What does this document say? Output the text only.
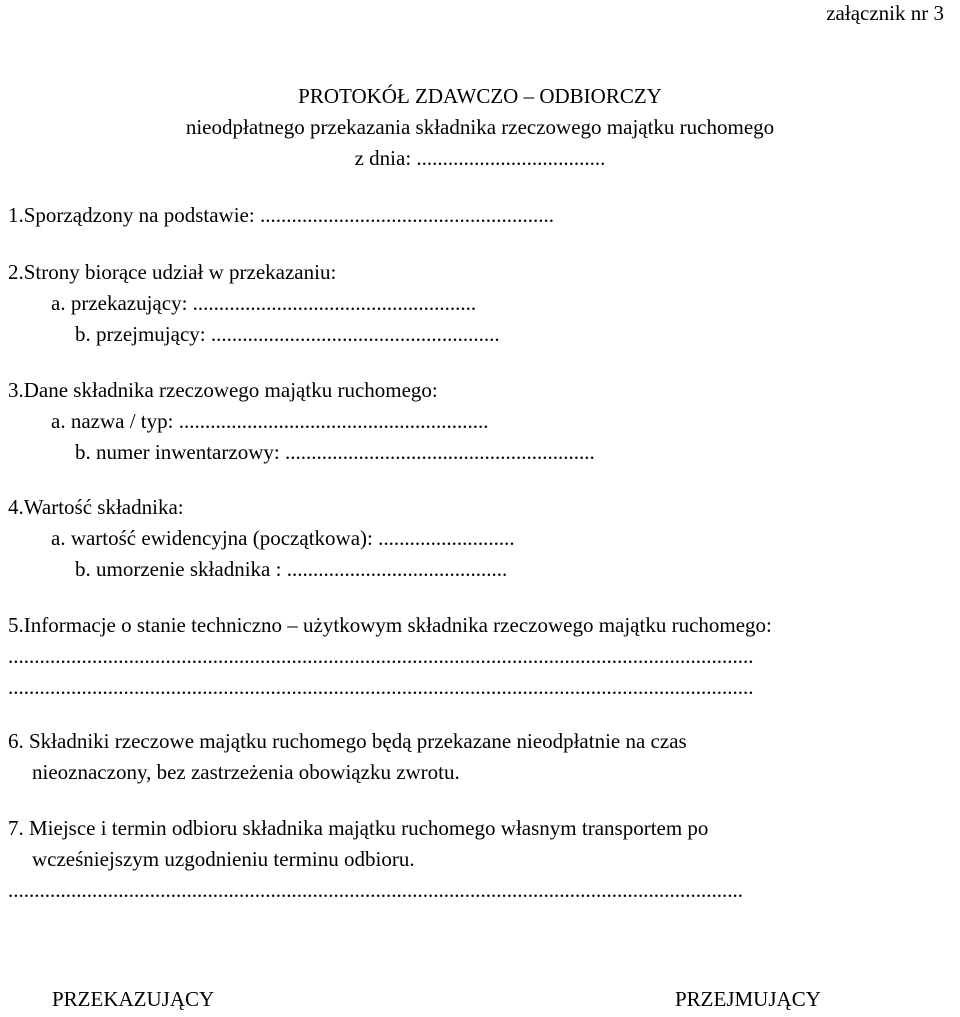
załącznik nr 3
PROTOKÓŁ ZDAWCZO – ODBIORCZY
nieodpłatnego przekazania składnika rzeczowego majątku ruchomego
z dnia: ....................................
1.Sporządzony na podstawie: ........................................................
2.Strony biorące udział w przekazaniu:
a. przekazujący: ......................................................
b. przejmujący: .......................................................
3.Dane składnika rzeczowego majątku ruchomego:
a. nazwa / typ: ...........................................................
b. numer inwentarzowy: ...........................................................
4.Wartość składnika:
a. wartość ewidencyjna (początkowa): ..........................
b. umorzenie składnika : ..........................................
5.Informacje o stanie techniczno – użytkowym składnika rzeczowego majątku ruchomego:
..............................................................................................................................................
..............................................................................................................................................
6. Składniki rzeczowe majątku ruchomego będą przekazane nieodpłatnie na czas
nieoznaczony, bez zastrzeżenia obowiązku zwrotu.
7. Miejsce i termin odbioru składnika majątku ruchomego własnym transportem po
wcześniejszym uzgodnieniu terminu odbioru.
............................................................................................................................................
PRZEKAZUJĄCY	PRZEJMUJĄCY
